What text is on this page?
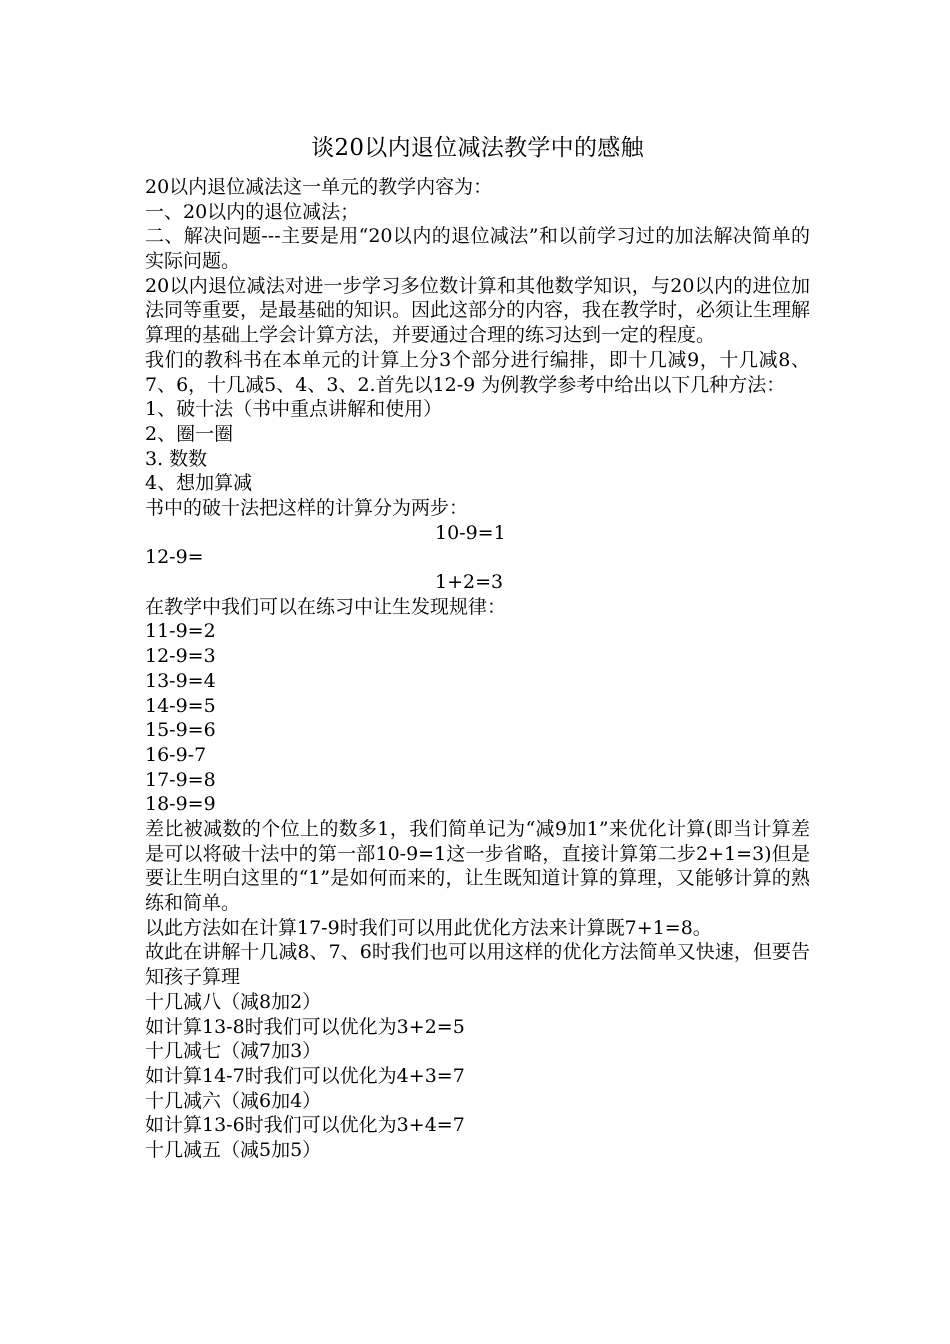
谈20以内退位减法教学中的感触
20以内退位减法这一单元的教学内容为：
一、20以内的退位减法；
二、解决问题---主要是用“20以内的退位减法”和以前学习过的加法解决简单的实际问题。
20以内退位减法对进一步学习多位数计算和其他数学知识，与20以内的进位加法同等重要，是最基础的知识。因此这部分的内容，我在教学时，必须让生理解算理的基础上学会计算方法，并要通过合理的练习达到一定的程度。
我们的教科书在本单元的计算上分3个部分进行编排，即十几减9，十几减8、7、6，十几减5、4、3、2.首先以12-9 为例教学参考中给出以下几种方法：
1、破十法（书中重点讲解和使用）
2、圈一圈
3. 数数
4、想加算减
书中的破十法把这样的计算分为两步：
10-9=1
12-9=
1+2=3
在教学中我们可以在练习中让生发现规律：
11-9=2
12-9=3
13-9=4
14-9=5
15-9=6
16-9-7
17-9=8
18-9=9
差比被减数的个位上的数多1，我们简单记为“减9加1”来优化计算(即当计算差是可以将破十法中的第一部10-9=1这一步省略，直接计算第二步2+1=3)但是要让生明白这里的“1”是如何而来的，让生既知道计算的算理，又能够计算的熟练和简单。
以此方法如在计算17-9时我们可以用此优化方法来计算既7+1=8。
故此在讲解十几减8、7、6时我们也可以用这样的优化方法简单又快速，但要告知孩子算理
十几减八（减8加2）
如计算13-8时我们可以优化为3+2=5
十几减七（减7加3）
如计算14-7时我们可以优化为4+3=7
十几减六（减6加4）
如计算13-6时我们可以优化为3+4=7
十几减五（减5加5）
